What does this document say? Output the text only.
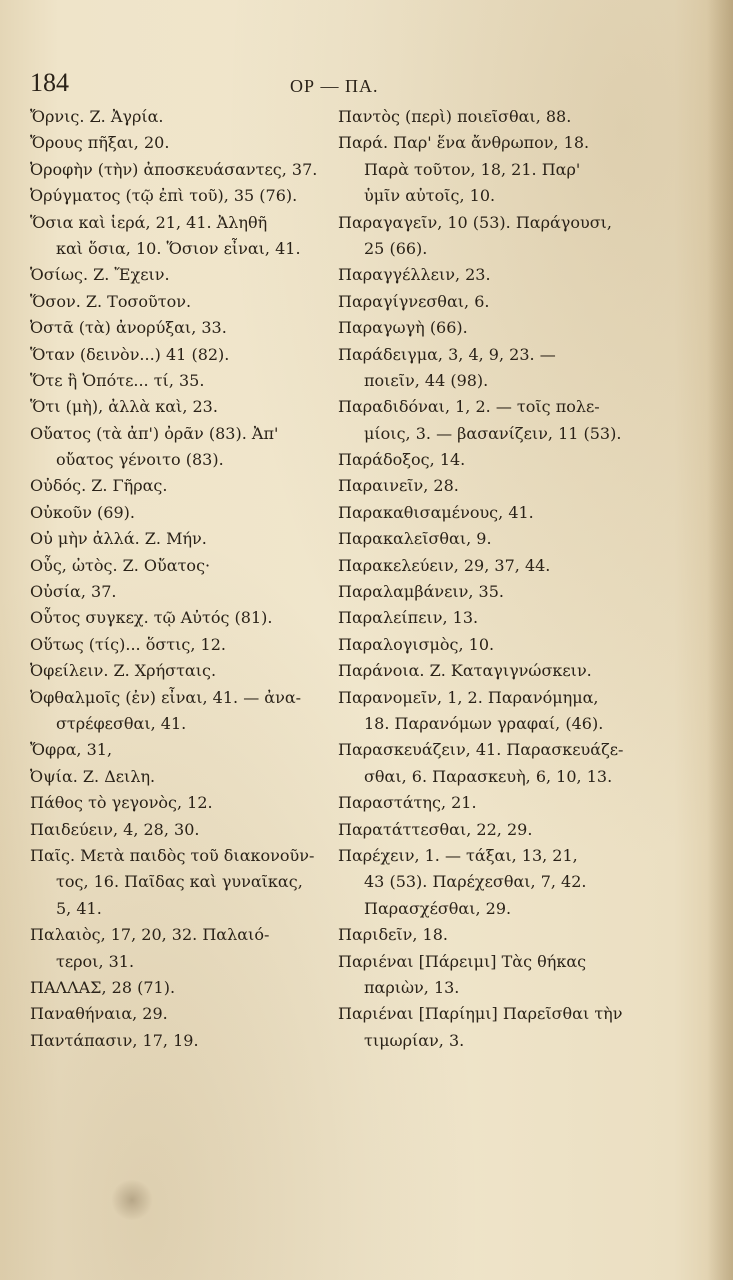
184	ΟΡ — ΠΑ.
Ὄρνις. Ζ. Ἀγρία.
Ὄρους πῆξαι, 20.
Ὀροφὴν (τὴν) ἀποσκευάσαντες, 37.
Ὀρύγματος (τῷ ἐπὶ τοῦ), 35 (76).
Ὅσια καὶ ἱερά, 21, 41. Ἀληθῆ
καὶ ὅσια, 10. Ὅσιον εἶναι, 41.
Ὁσίως. Ζ. Ἔχειν.
Ὅσον. Ζ. Τοσοῦτον.
Ὀστᾶ (τὰ) ἀνορύξαι, 33.
Ὅταν (δεινὸν...) 41 (82).
Ὅτε ἢ Ὁπότε... τί, 35.
Ὅτι (μὴ), ἀλλὰ καὶ, 23.
Οὔατος (τὰ ἀπ') ὀρᾶν (83). Ἀπ'
οὔατος γένοιτο (83).
Οὐδός. Ζ. Γῆρας.
Οὐκοῦν (69).
Οὐ μὴν ἀλλά. Ζ. Μήν.
Οὖς, ὠτὸς. Ζ. Οὔατος·
Οὐσία, 37.
Οὗτος συγκεχ. τῷ Αὐτός (81).
Οὕτως (τίς)... ὅστις, 12.
Ὀφείλειν. Ζ. Χρήσταις.
Ὀφθαλμοῖς (ἐν) εἶναι, 41. — ἀνα-
στρέφεσθαι, 41.
Ὄφρα, 31,
Ὀψία. Ζ. Δειλη.
Πάθος τὸ γεγονὸς, 12.
Παιδεύειν, 4, 28, 30.
Παῖς. Μετὰ παιδὸς τοῦ διακονοῦν-
τος, 16. Παῖδας καὶ γυναῖκας,
5, 41.
Παλαιὸς, 17, 20, 32. Παλαιό-
τεροι, 31.
ΠΑΛΛΑΣ, 28 (71).
Παναθήναια, 29.
Παντάπασιν, 17, 19.
Παντὸς (περὶ) ποιεῖσθαι, 88.
Παρά. Παρ' ἕνα ἄνθρωπον, 18.
Παρὰ τοῦτον, 18, 21. Παρ'
ὑμῖν αὐτοῖς, 10.
Παραγαγεῖν, 10 (53). Παράγουσι,
25 (66).
Παραγγέλλειν, 23.
Παραγίγνεσθαι, 6.
Παραγωγὴ (66).
Παράδειγμα, 3, 4, 9, 23. —
ποιεῖν, 44 (98).
Παραδιδόναι, 1, 2. — τοῖς πολε-
μίοις, 3. — βασανίζειν, 11 (53).
Παράδοξος, 14.
Παραινεῖν, 28.
Παρακαθισαμένους, 41.
Παρακαλεῖσθαι, 9.
Παρακελεύειν, 29, 37, 44.
Παραλαμβάνειν, 35.
Παραλείπειν, 13.
Παραλογισμὸς, 10.
Παράνοια. Ζ. Καταγιγνώσκειν.
Παρανομεῖν, 1, 2. Παρανόμημα,
18. Παρανόμων γραφαί, (46).
Παρασκευάζειν, 41. Παρασκευάζε-
σθαι, 6. Παρασκευὴ, 6, 10, 13.
Παραστάτης, 21.
Παρατάττεσθαι, 22, 29.
Παρέχειν, 1. — τάξαι, 13, 21,
43 (53). Παρέχεσθαι, 7, 42.
Παρασχέσθαι, 29.
Παριδεῖν, 18.
Παριέναι [Πάρειμι] Τὰς θήκας
παριὼν, 13.
Παριέναι [Παρίημι] Παρεῖσθαι τὴν
τιμωρίαν, 3.
